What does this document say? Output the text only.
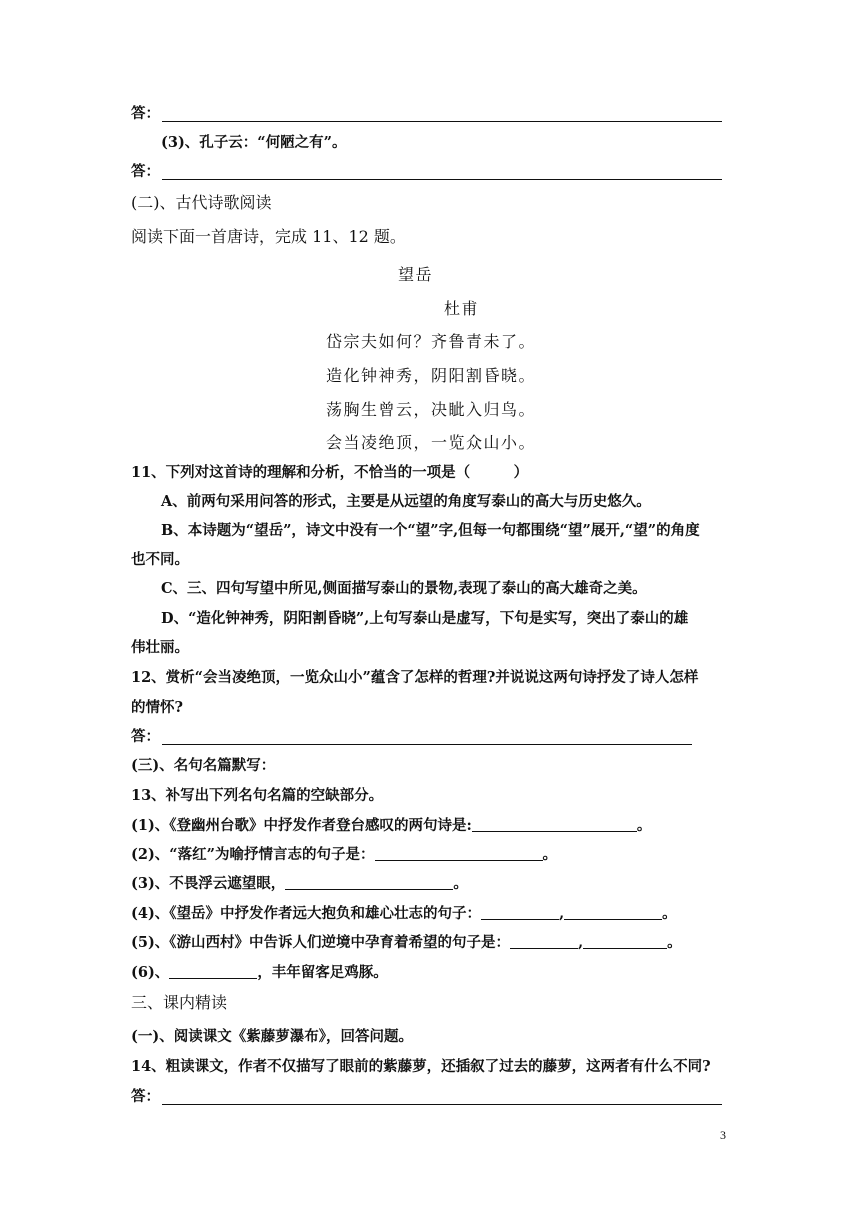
答：
(3)、孔子云：“何陋之有”。
答：
(二)、古代诗歌阅读
阅读下面一首唐诗，完成 11、12 题。
望岳
杜甫
岱宗夫如何？齐鲁青未了。
造化钟神秀，阴阳割昏晓。
荡胸生曾云，决眦入归鸟。
会当凌绝顶，一览众山小。
11、下列对这首诗的理解和分析，不恰当的一项是（　　　）
A、前两句采用问答的形式，主要是从远望的角度写泰山的高大与历史悠久。
B、本诗题为“望岳”，诗文中没有一个“望”字,但每一句都围绕“望”展开,“望”的角度
也不同。
C、三、四句写望中所见,侧面描写泰山的景物,表现了泰山的高大雄奇之美。
D、“造化钟神秀，阴阳割昏晓”,上句写泰山是虚写，下句是实写，突出了泰山的雄
伟壮丽。
12、赏析“会当凌绝顶，一览众山小”蕴含了怎样的哲理?并说说这两句诗抒发了诗人怎样
的情怀?
答：
(三)、名句名篇默写：
13、补写出下列名句名篇的空缺部分。
(1)、《登幽州台歌》中抒发作者登台感叹的两句诗是:	。
(2)、“落红”为喻抒情言志的句子是：	。
(3)、不畏浮云遮望眼，	。
(4)、《望岳》中抒发作者远大抱负和雄心壮志的句子：	,	。
(5)、《游山西村》中告诉人们逆境中孕育着希望的句子是：	,	。
(6)、	，丰年留客足鸡豚。
三、课内精读
(一)、阅读课文《紫藤萝瀑布》，回答问题。
14、粗读课文，作者不仅描写了眼前的紫藤萝，还插叙了过去的藤萝，这两者有什么不同?
答：
3
